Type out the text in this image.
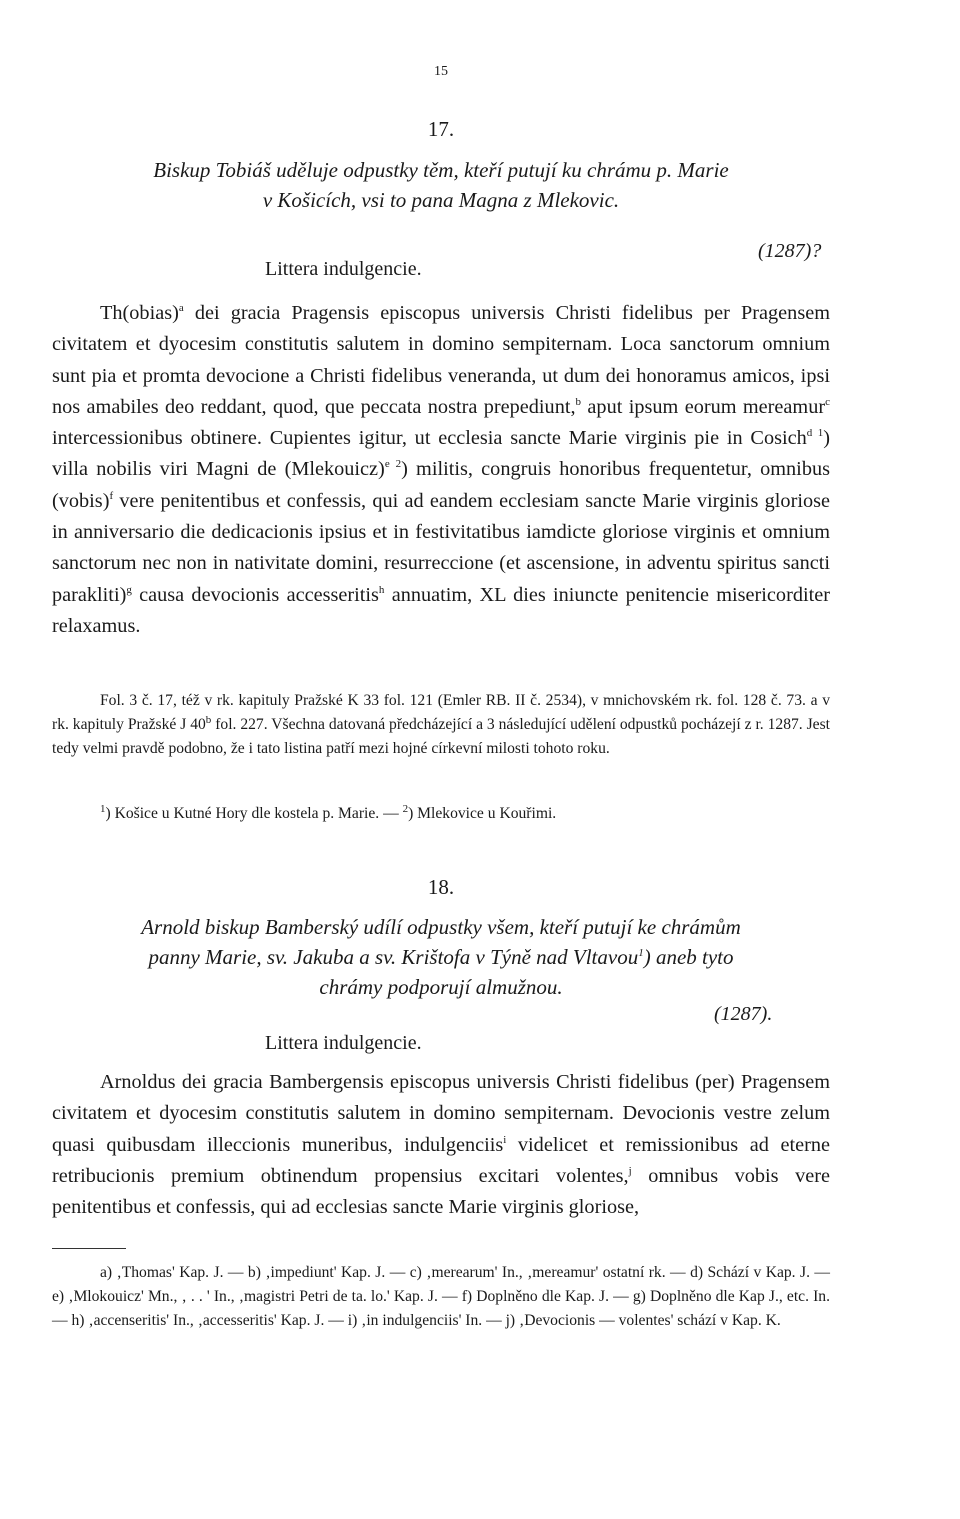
15
17.
Biskup Tobiáš uděluje odpustky těm, kteří putují ku chrámu p. Marie
v Košicích, vsi to pana Magna z Mlekovic.
(1287)?
Littera indulgencie.

Th(obias)$^a$ dei gracia Pragensis episcopus universis Christi fidelibus per Pragensem civitatem et dyocesim constitutis salutem in domino sempiternam. Loca sanctorum omnium sunt pia et promta devocione a Christi fidelibus veneranda, ut dum dei honoramus amicos, ipsi nos amabiles deo reddant, quod, que peccata nostra prepediunt,$^b$ aput ipsum eorum mereamur$^c$ intercessionibus obtinere. Cupientes igitur, ut ecclesia sancte Marie virginis pie in Cosich$^{d 1}$) villa nobilis viri Magni de (Mlekouicz)$^{e 2}$) militis, congruis honoribus frequentetur, omnibus (vobis)$^f$ vere penitentibus et confessis, qui ad eandem ecclesiam sancte Marie virginis gloriose in anniversario die dedicacionis ipsius et in festivitatibus iamdicte gloriose virginis et omnium sanctorum nec non in nativitate domini, resurreccione (et ascensione, in adventu spiritus sancti parakliti)$^g$ causa devocionis accesseritis$^h$ annuatim, XL dies iniuncte penitencie misericorditer relaxamus.

Fol. 3 č. 17, též v rk. kapituly Pražské K 33 fol. 121 (Emler RB. II č. 2534), v mnichovském rk. fol. 128 č. 73. a v rk. kapituly Pražské J 40$^b$ fol. 227. Všechna datovaná předcházející a 3 následující udělení odpustků pocházejí z r. 1287. Jest tedy velmi pravdě podobno, že i tato listina patří mezi hojné církevní milosti tohoto roku.

$^1$) Košice u Kutné Hory dle kostela p. Marie. — $^2$) Mlekovice u Kouřimi.

18.
Arnold biskup Bamberský udílí odpustky všem, kteří putují ke chrámům
panny Marie, sv. Jakuba a sv. Krištofa v Týně nad Vltavou$^1$) aneb tyto
chrámy podporují almužnou.
(1287).
Littera indulgencie.

Arnoldus dei gracia Bambergensis episcopus universis Christi fidelibus (per) Pragensem civitatem et dyocesim constitutis salutem in domino sempiternam. Devocionis vestre zelum quasi quibusdam illeccionis muneribus, indulgenciis$^i$ videlicet et remissionibus ad eterne retribucionis premium obtinendum propensius excitari volentes,$^j$ omnibus vobis vere penitentibus et confessis, qui ad ecclesias sancte Marie virginis gloriose,

a) ‚Thomas' Kap. J. — b) ‚impediunt' Kap. J. — c) ‚merearum' In., ‚mereamur' ostatní rk. — d) Schází v Kap. J. — e) ‚Mlokouicz' Mn., ‚ . . ' In., ‚magistri Petri de ta. lo.' Kap. J. — f) Doplněno dle Kap. J. — g) Doplněno dle Kap J., etc. In. — h) ‚accenseritis' In., ‚accesseritis' Kap. J. — i) ‚in indulgenciis' In. — j) ‚Devocionis — volentes' schází v Kap. K.
